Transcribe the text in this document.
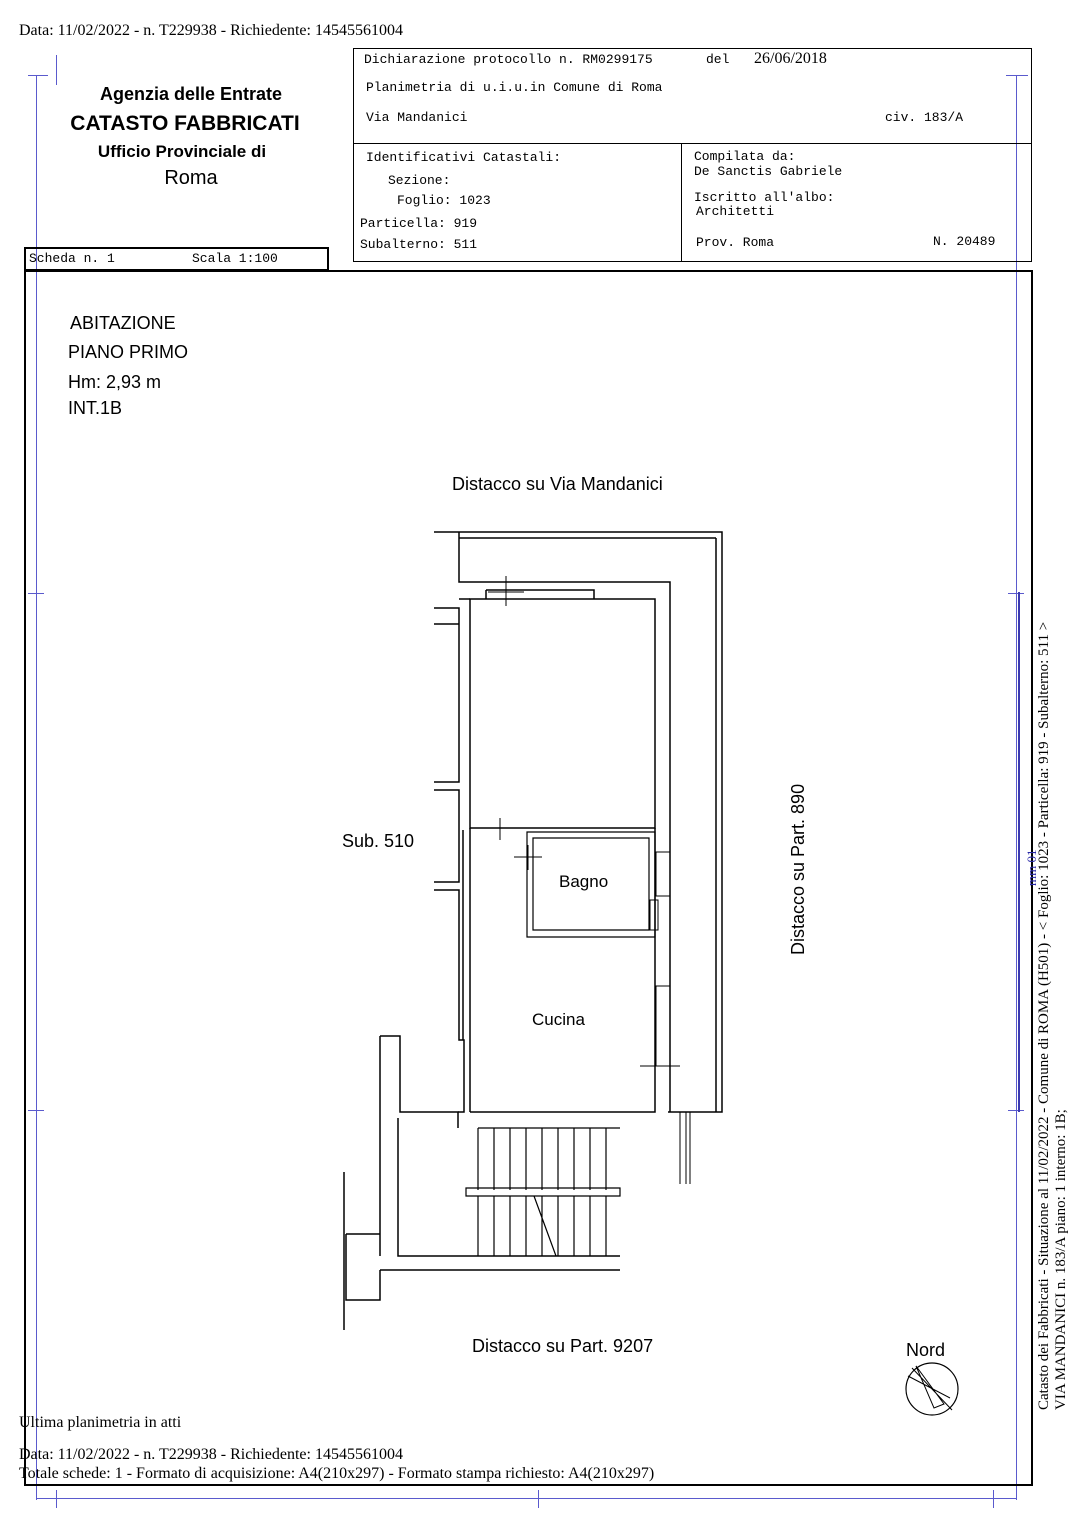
Data: 11/02/2022 - n. T229938 - Richiedente: 14545561004
Agenzia delle Entrate
CATASTO FABBRICATI
Ufficio Provinciale di
Roma
Dichiarazione protocollo n. RM0299175	del 26/06/2018
Planimetria di u.i.u.in Comune di Roma
Via Mandanici	civ. 183/A
Identificativi Catastali:
Sezione:
Foglio: 1023
Particella: 919
Subalterno: 511
Compilata da:
De Sanctis Gabriele
Iscritto all'albo:
Architetti
Prov. Roma	N. 20489
Scheda n. 1	Scala 1:100
ABITAZIONE
PIANO PRIMO
Hm: 2,93 m
INT.1B
Distacco su Via Mandanici
Sub. 510
Bagno
Cucina
Distacco su Part. 9207	Nord
Distacco su Part. 890	mm 01
Catasto dei Fabbricati - Situazione al 11/02/2022 - Comune di ROMA (H501) - < Foglio: 1023 - Particella: 919 - Subalterno: 511 > VIA MANDANICI n. 183/A piano: 1 interno: 1B;
Ultima planimetria in atti
Data: 11/02/2022 - n. T229938 - Richiedente: 14545561004
Totale schede: 1 - Formato di acquisizione: A4(210x297) - Formato stampa richiesto: A4(210x297)
